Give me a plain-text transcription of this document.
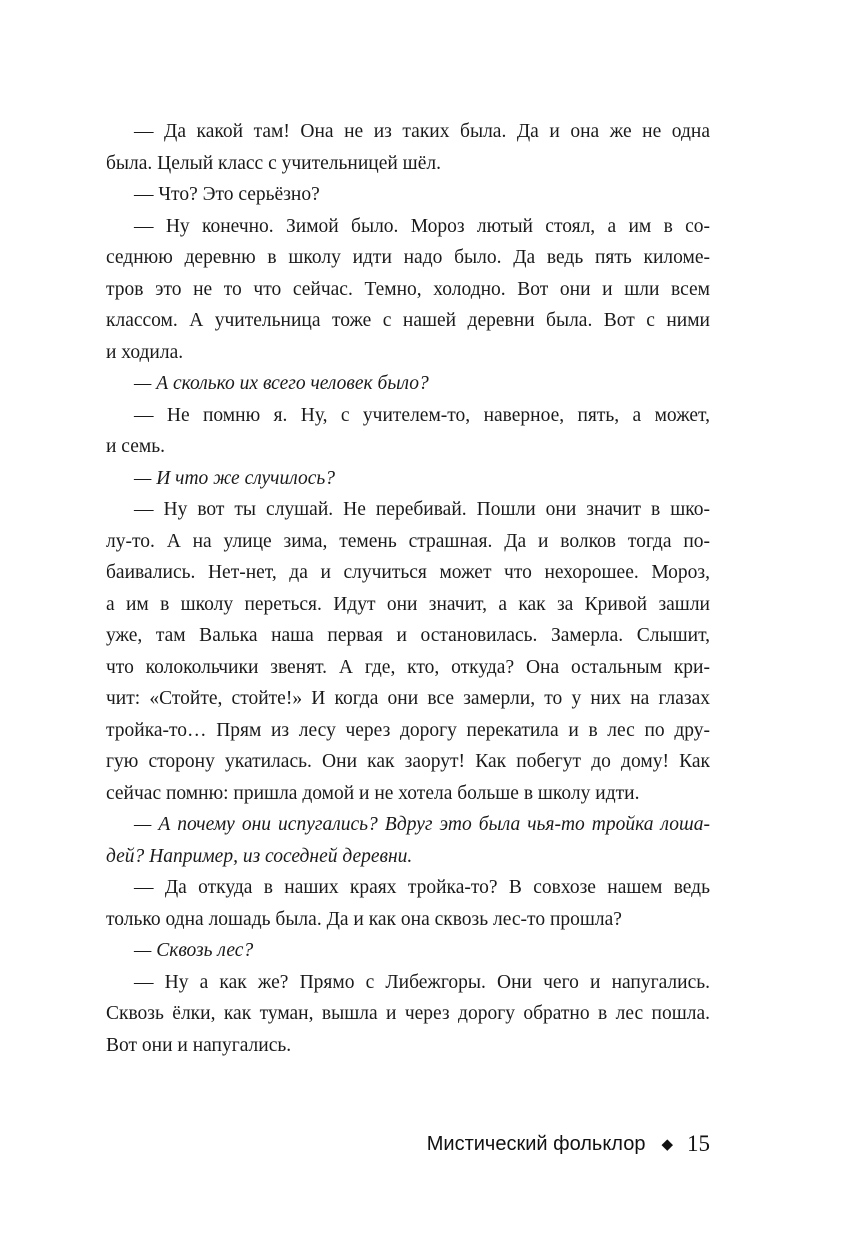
— Да какой там! Она не из таких была. Да и она же не одна
была. Целый класс с учительницей шёл.
— Что? Это серьёзно?
— Ну конечно. Зимой было. Мороз лютый стоял, а им в со-
седнюю деревню в школу идти надо было. Да ведь пять киломе-
тров это не то что сейчас. Темно, холодно. Вот они и шли всем
классом. А учительница тоже с нашей деревни была. Вот с ними
и ходила.
— А сколько их всего человек было?
— Не помню я. Ну, с учителем-то, наверное, пять, а может,
и семь.
— И что же случилось?
— Ну вот ты слушай. Не перебивай. Пошли они значит в шко-
лу-то. А на улице зима, темень страшная. Да и волков тогда по-
баивались. Нет-нет, да и случиться может что нехорошее. Мороз,
а им в школу переться. Идут они значит, а как за Кривой зашли
уже, там Валька наша первая и остановилась. Замерла. Слышит,
что колокольчики звенят. А где, кто, откуда? Она остальным кри-
чит: «Стойте, стойте!» И когда они все замерли, то у них на глазах
тройка-то… Прям из лесу через дорогу перекатила и в лес по дру-
гую сторону укатилась. Они как заорут! Как побегут до дому! Как
сейчас помню: пришла домой и не хотела больше в школу идти.
— А почему они испугались? Вдруг это была чья-то тройка лоша-
дей? Например, из соседней деревни.
— Да откуда в наших краях тройка-то? В совхозе нашем ведь
только одна лошадь была. Да и как она сквозь лес-то прошла?
— Сквозь лес?
— Ну а как же? Прямо с Либежгоры. Они чего и напугались.
Сквозь ёлки, как туман, вышла и через дорогу обратно в лес пошла.
Вот они и напугались.
Мистический фольклор ◆ 15
